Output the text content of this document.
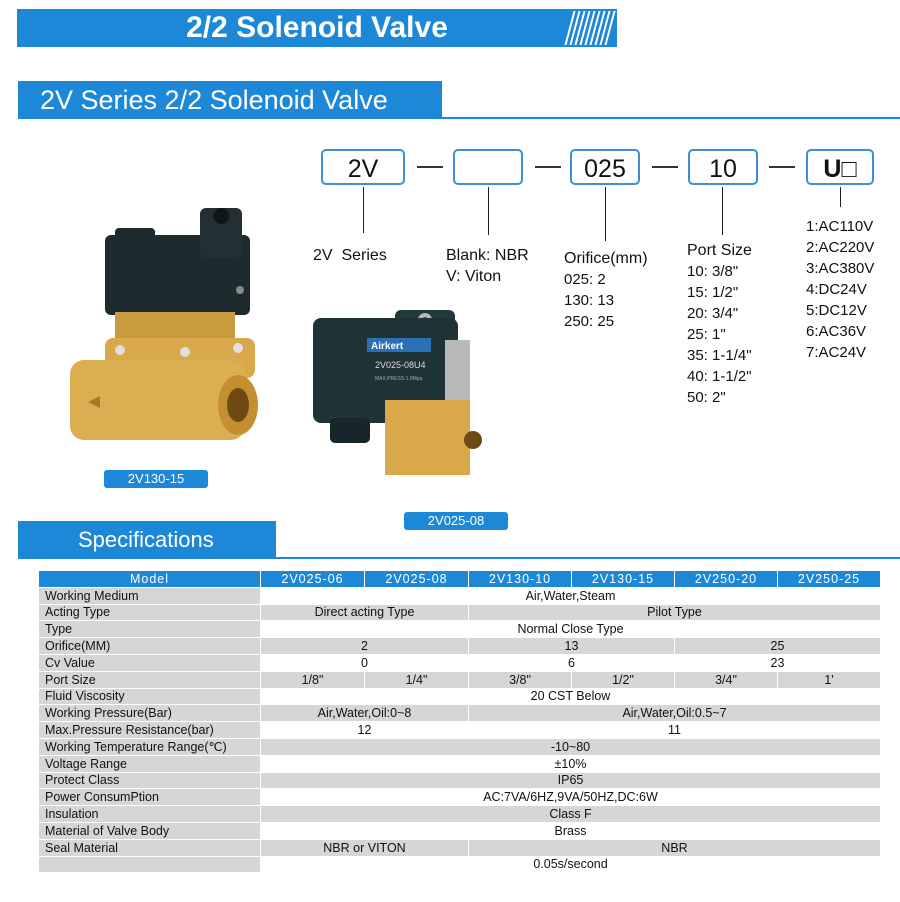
2/2 Solenoid Valve
2V Series 2/2 Solenoid Valve
2V	025	10	U□
2V  Series	Blank: NBR
V: Viton
Orifice(mm)
025: 2
130: 13
250: 25
Port Size
10: 3/8"
15: 1/2"
20: 3/4"
25: 1"
35: 1-1/4"
40: 1-1/2"
50: 2"
1:AC110V
2:AC220V
3:AC380V
4:DC24V
5:DC12V
6:AC36V
7:AC24V
2V130-15
Airkert
2V025-08U4
MAX.PRESS:1.0Mpa
2V025-08
Specifications
Model	2V025-06	2V025-08	2V130-10	2V130-15	2V250-20	2V250-25
Working Medium	Air,Water,Steam					
Acting Type	Direct acting Type		Pilot Type			
Type	Normal Close Type					
Orifice(MM)	2		13		25	
Cv Value	0		6		23	
Port Size	1/8"	1/4"	3/8"	1/2"	3/4"	1'
Fluid Viscosity	20 CST Below					
Working Pressure(Bar)	Air,Water,Oil:0~8		Air,Water,Oil:0.5~7			
Max.Pressure Resistance(bar)	12		11			
Working Temperature Range(℃)	-10~80					
Voltage Range	±10%					
Protect Class	IP65					
Power ConsumPtion	AC:7VA/6HZ,9VA/50HZ,DC:6W					
Insulation	Class F					
Material of Valve Body	Brass					
Seal Material	NBR or VITON		NBR			
	0.05s/second					
